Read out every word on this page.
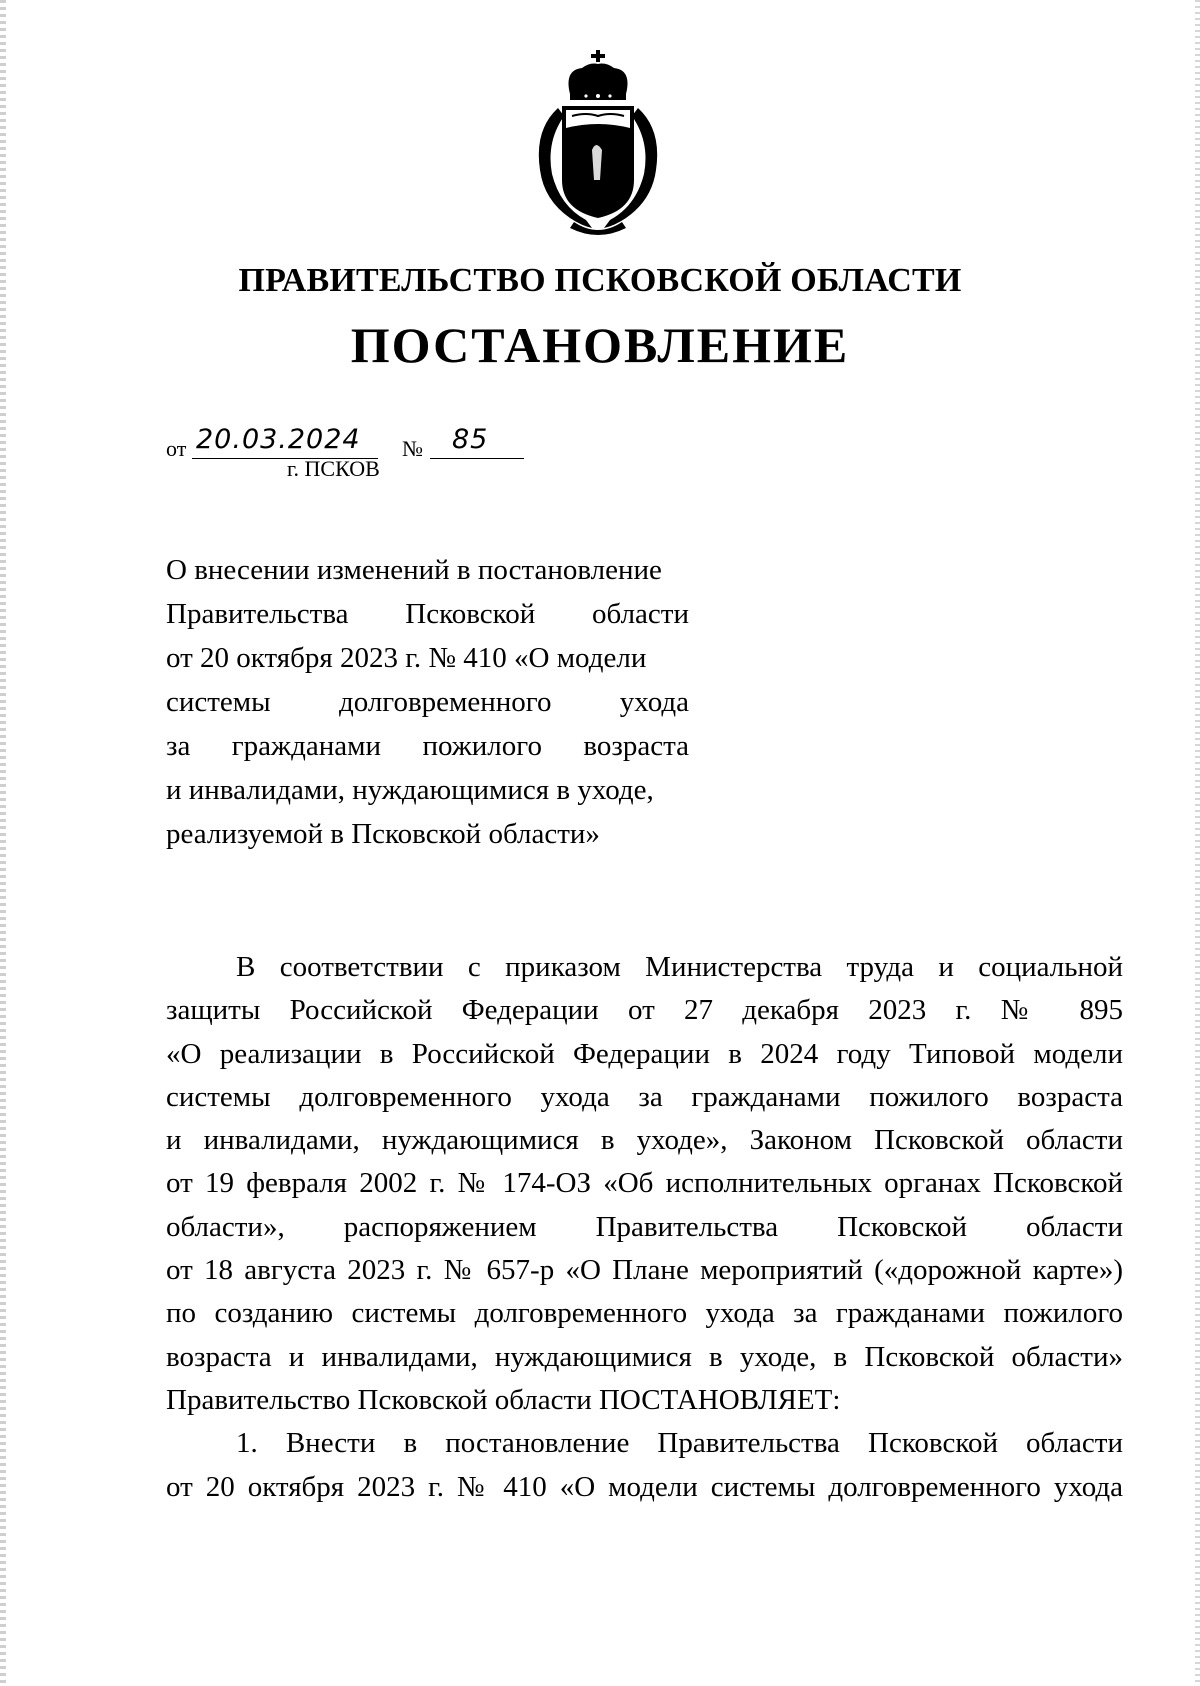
ПРАВИТЕЛЬСТВО ПСКОВСКОЙ ОБЛАСТИ
ПОСТАНОВЛЕНИЕ
от 20.03.2024 № 85
г. ПСКОВ
О внесении изменений в постановление
Правительства Псковской области
от 20 октября 2023 г. № 410 «О модели
системы долговременного ухода
за гражданами пожилого возраста
и инвалидами, нуждающимися в уходе,
реализуемой в Псковской области»
В соответствии с приказом Министерства труда и социальной
защиты Российской Федерации от 27 декабря 2023 г. № 895
«О реализации в Российской Федерации в 2024 году Типовой модели
системы долговременного ухода за гражданами пожилого возраста
и инвалидами, нуждающимися в уходе», Законом Псковской области
от 19 февраля 2002 г. № 174-ОЗ «Об исполнительных органах Псковской
области», распоряжением Правительства Псковской области
от 18 августа 2023 г. № 657-р «О Плане мероприятий («дорожной карте»)
по созданию системы долговременного ухода за гражданами пожилого
возраста и инвалидами, нуждающимися в уходе, в Псковской области»
Правительство Псковской области ПОСТАНОВЛЯЕТ:
1. Внести в постановление Правительства Псковской области
от 20 октября 2023 г. № 410 «О модели системы долговременного ухода
